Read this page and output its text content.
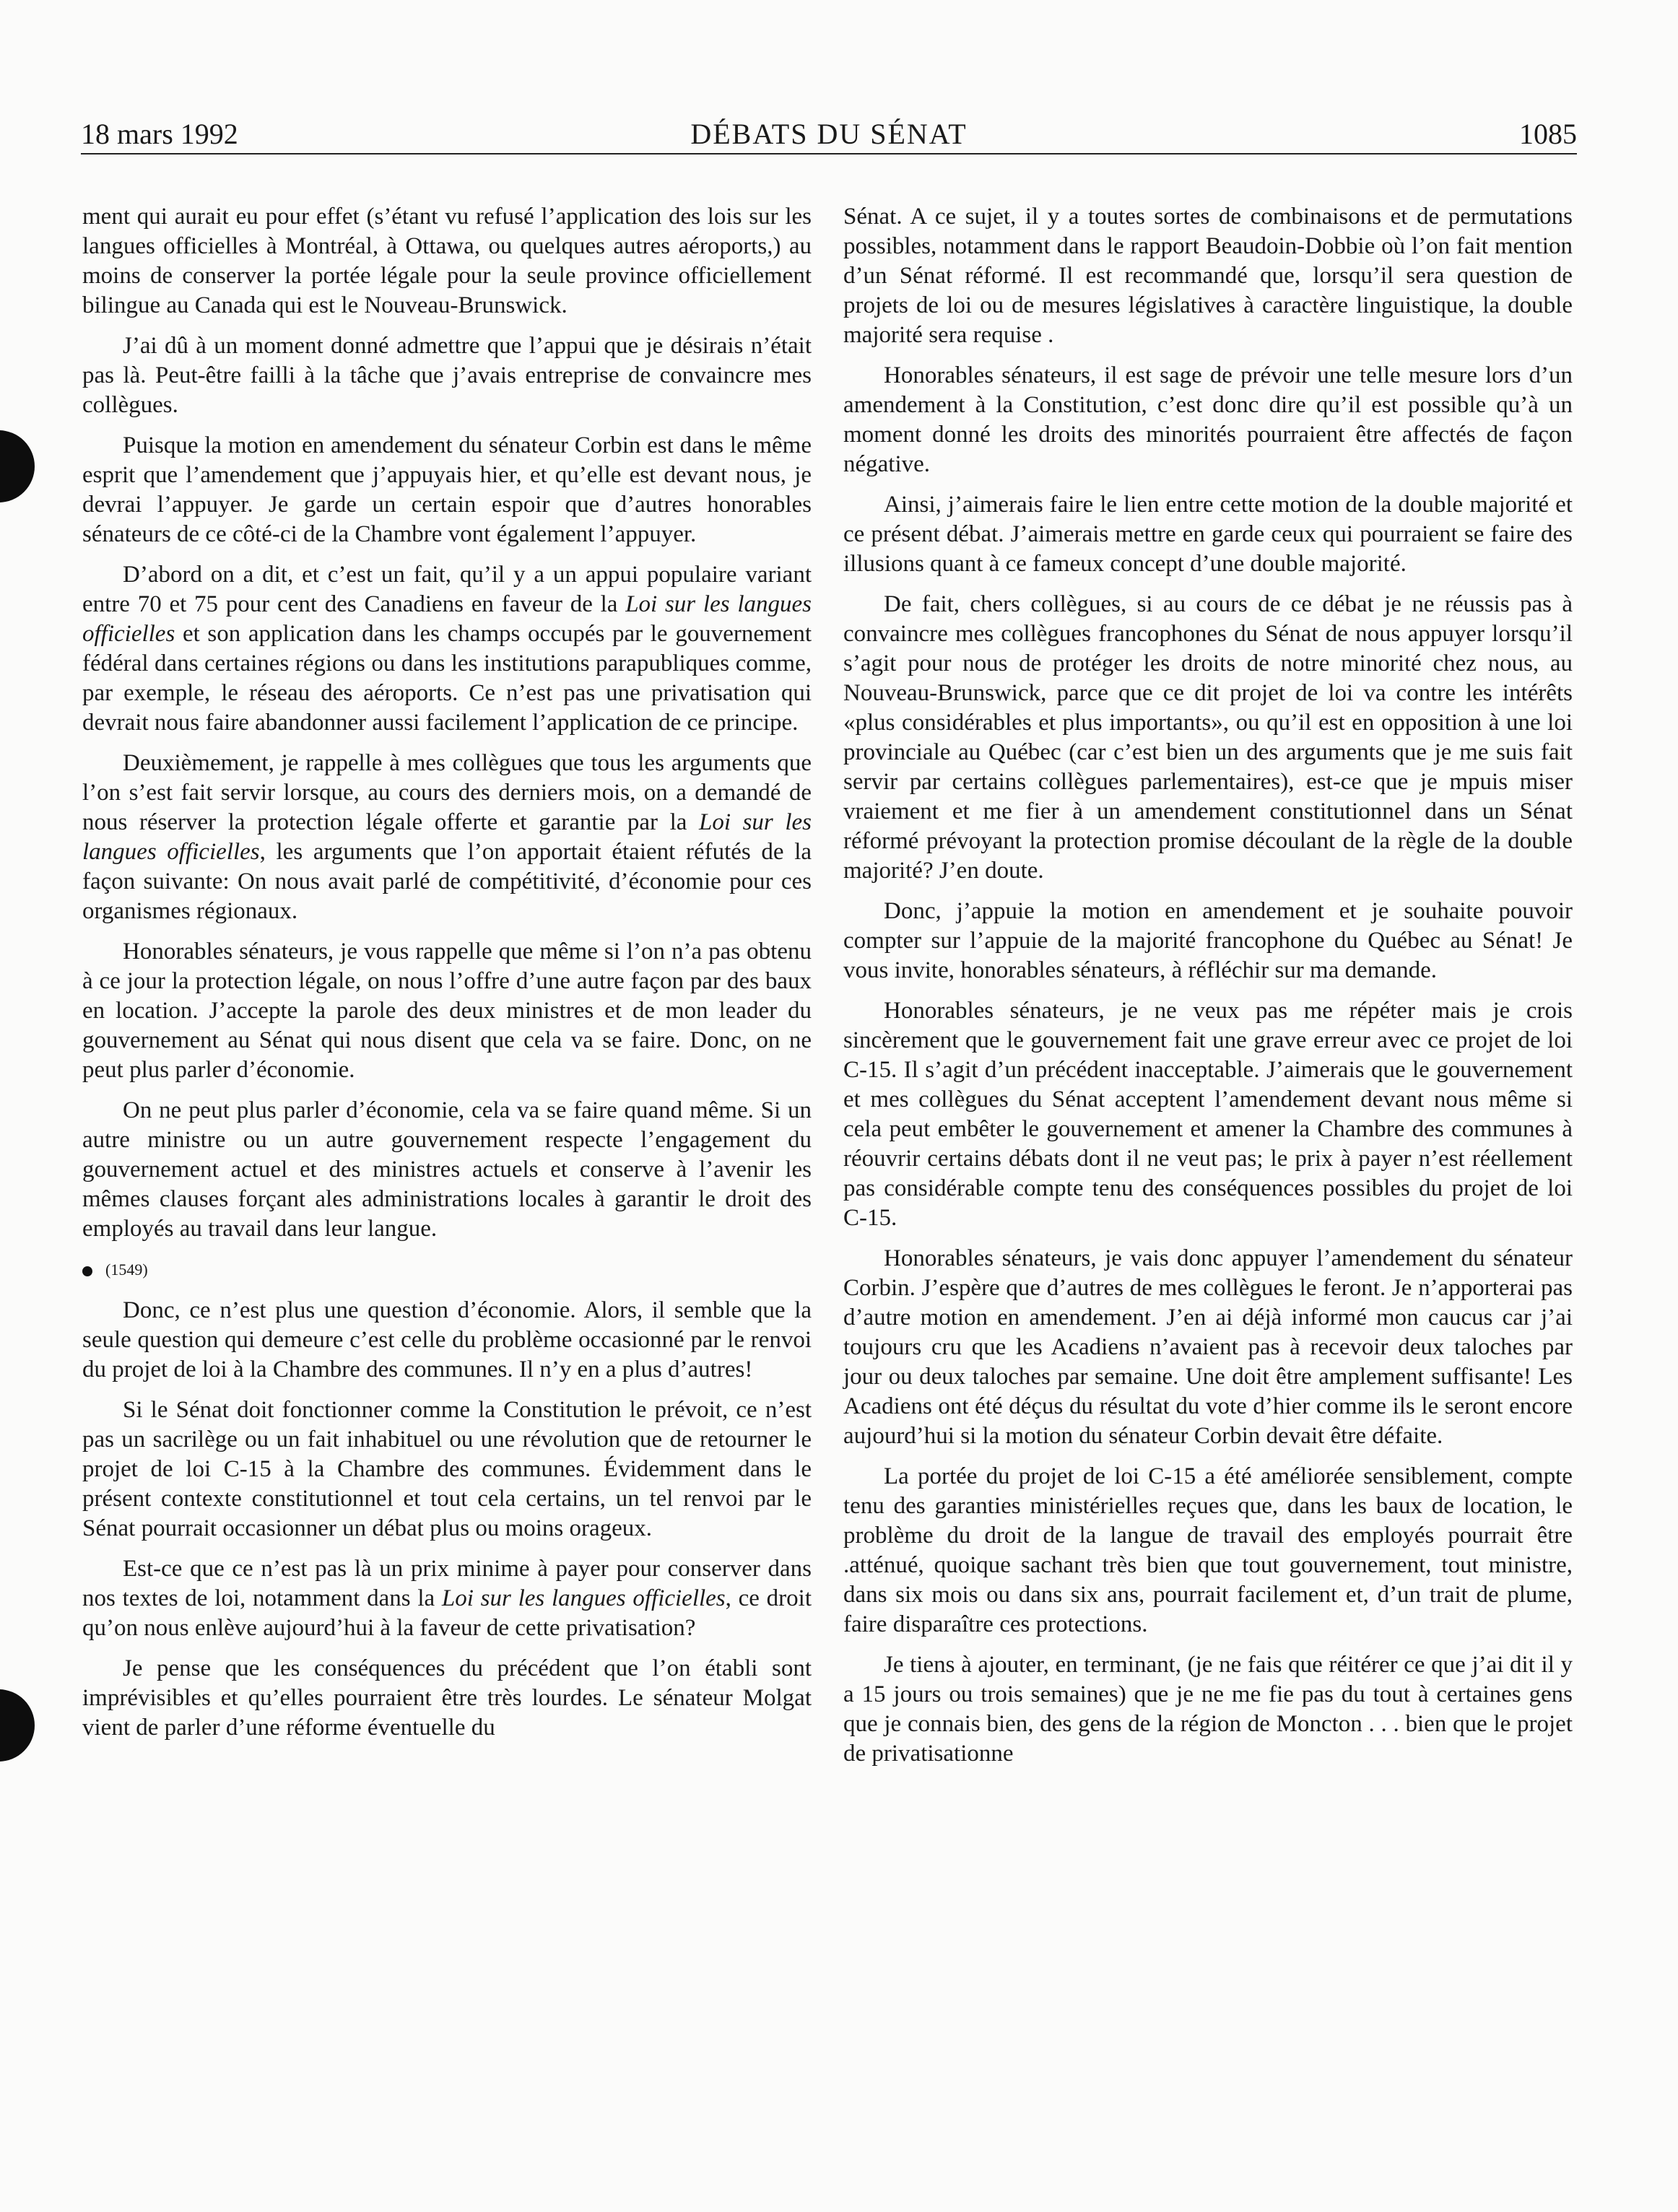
18 mars 1992	DÉBATS DU SÉNAT	1085

ment qui aurait eu pour effet (s’étant vu refusé l’application des lois sur les langues officielles à Montréal, à Ottawa, ou quelques autres aéroports,) au moins de conserver la portée légale pour la seule province officiellement bilingue au Canada qui est le Nouveau-Brunswick.

J’ai dû à un moment donné admettre que l’appui que je désirais n’était pas là. Peut-être failli à la tâche que j’avais entreprise de convaincre mes collègues.

Puisque la motion en amendement du sénateur Corbin est dans le même esprit que l’amendement que j’appuyais hier, et qu’elle est devant nous, je devrai l’appuyer. Je garde un certain espoir que d’autres honorables sénateurs de ce côté-ci de la Chambre vont également l’appuyer.

D’abord on a dit, et c’est un fait, qu’il y a un appui populaire variant entre 70 et 75 pour cent des Canadiens en faveur de la Loi sur les langues officielles et son application dans les champs occupés par le gouvernement fédéral dans certaines régions ou dans les institutions parapubliques comme, par exemple, le réseau des aéroports. Ce n’est pas une privatisation qui devrait nous faire abandonner aussi facilement l’application de ce principe.

Deuxièmement, je rappelle à mes collègues que tous les arguments que l’on s’est fait servir lorsque, au cours des derniers mois, on a demandé de nous réserver la protection légale offerte et garantie par la Loi sur les langues officielles, les arguments que l’on apportait étaient réfutés de la façon suivante: On nous avait parlé de compétitivité, d’économie pour ces organismes régionaux.

Honorables sénateurs, je vous rappelle que même si l’on n’a pas obtenu à ce jour la protection légale, on nous l’offre d’une autre façon par des baux en location. J’accepte la parole des deux ministres et de mon leader du gouvernement au Sénat qui nous disent que cela va se faire. Donc, on ne peut plus parler d’économie.

On ne peut plus parler d’économie, cela va se faire quand même. Si un autre ministre ou un autre gouvernement respecte l’engagement du gouvernement actuel et des ministres actuels et conserve à l’avenir les mêmes clauses forçant ales administrations locales à garantir le droit des employés au travail dans leur langue.

(1549)

Donc, ce n’est plus une question d’économie. Alors, il semble que la seule question qui demeure c’est celle du problème occasionné par le renvoi du projet de loi à la Chambre des communes. Il n’y en a plus d’autres!

Si le Sénat doit fonctionner comme la Constitution le prévoit, ce n’est pas un sacrilège ou un fait inhabituel ou une révolution que de retourner le projet de loi C-15 à la Chambre des communes. Évidemment dans le présent contexte constitutionnel et tout cela certains, un tel renvoi par le Sénat pourrait occasionner un débat plus ou moins orageux.

Est-ce que ce n’est pas là un prix minime à payer pour conserver dans nos textes de loi, notamment dans la Loi sur les langues officielles, ce droit qu’on nous enlève aujourd’hui à la faveur de cette privatisation?

Je pense que les conséquences du précédent que l’on établi sont imprévisibles et qu’elles pourraient être très lourdes. Le sénateur Molgat vient de parler d’une réforme éventuelle du

Sénat. A ce sujet, il y a toutes sortes de combinaisons et de permutations possibles, notamment dans le rapport Beaudoin-Dobbie où l’on fait mention d’un Sénat réformé. Il est recommandé que, lorsqu’il sera question de projets de loi ou de mesures législatives à caractère linguistique, la double majorité sera requise .

Honorables sénateurs, il est sage de prévoir une telle mesure lors d’un amendement à la Constitution, c’est donc dire qu’il est possible qu’à un moment donné les droits des minorités pourraient être affectés de façon négative.

Ainsi, j’aimerais faire le lien entre cette motion de la double majorité et ce présent débat. J’aimerais mettre en garde ceux qui pourraient se faire des illusions quant à ce fameux concept d’une double majorité.

De fait, chers collègues, si au cours de ce débat je ne réussis pas à convaincre mes collègues francophones du Sénat de nous appuyer lorsqu’il s’agit pour nous de protéger les droits de notre minorité chez nous, au Nouveau-Brunswick, parce que ce dit projet de loi va contre les intérêts «plus considérables et plus importants», ou qu’il est en opposition à une loi provinciale au Québec (car c’est bien un des arguments que je me suis fait servir par certains collègues parlementaires), est-ce que je mpuis miser vraiement et me fier à un amendement constitutionnel dans un Sénat réformé prévoyant la protection promise découlant de la règle de la double majorité? J’en doute.

Donc, j’appuie la motion en amendement et je souhaite pouvoir compter sur l’appuie de la majorité francophone du Québec au Sénat! Je vous invite, honorables sénateurs, à réfléchir sur ma demande.

Honorables sénateurs, je ne veux pas me répéter mais je crois sincèrement que le gouvernement fait une grave erreur avec ce projet de loi C-15. Il s’agit d’un précédent inacceptable. J’aimerais que le gouvernement et mes collègues du Sénat acceptent l’amendement devant nous même si cela peut embêter le gouvernement et amener la Chambre des communes à réouvrir certains débats dont il ne veut pas; le prix à payer n’est réellement pas considérable compte tenu des conséquences possibles du projet de loi C-15.

Honorables sénateurs, je vais donc appuyer l’amendement du sénateur Corbin. J’espère que d’autres de mes collègues le feront. Je n’apporterai pas d’autre motion en amendement. J’en ai déjà informé mon caucus car j’ai toujours cru que les Acadiens n’avaient pas à recevoir deux taloches par jour ou deux taloches par semaine. Une doit être amplement suffisante! Les Acadiens ont été déçus du résultat du vote d’hier comme ils le seront encore aujourd’hui si la motion du sénateur Corbin devait être défaite.

La portée du projet de loi C-15 a été améliorée sensiblement, compte tenu des garanties ministérielles reçues que, dans les baux de location, le problème du droit de la langue de travail des employés pourrait être .atténué, quoique sachant très bien que tout gouvernement, tout ministre, dans six mois ou dans six ans, pourrait facilement et, d’un trait de plume, faire disparaître ces protections.

Je tiens à ajouter, en terminant, (je ne fais que réitérer ce que j’ai dit il y a 15 jours ou trois semaines) que je ne me fie pas du tout à certaines gens que je connais bien, des gens de la région de Moncton . . . bien que le projet de privatisationne
